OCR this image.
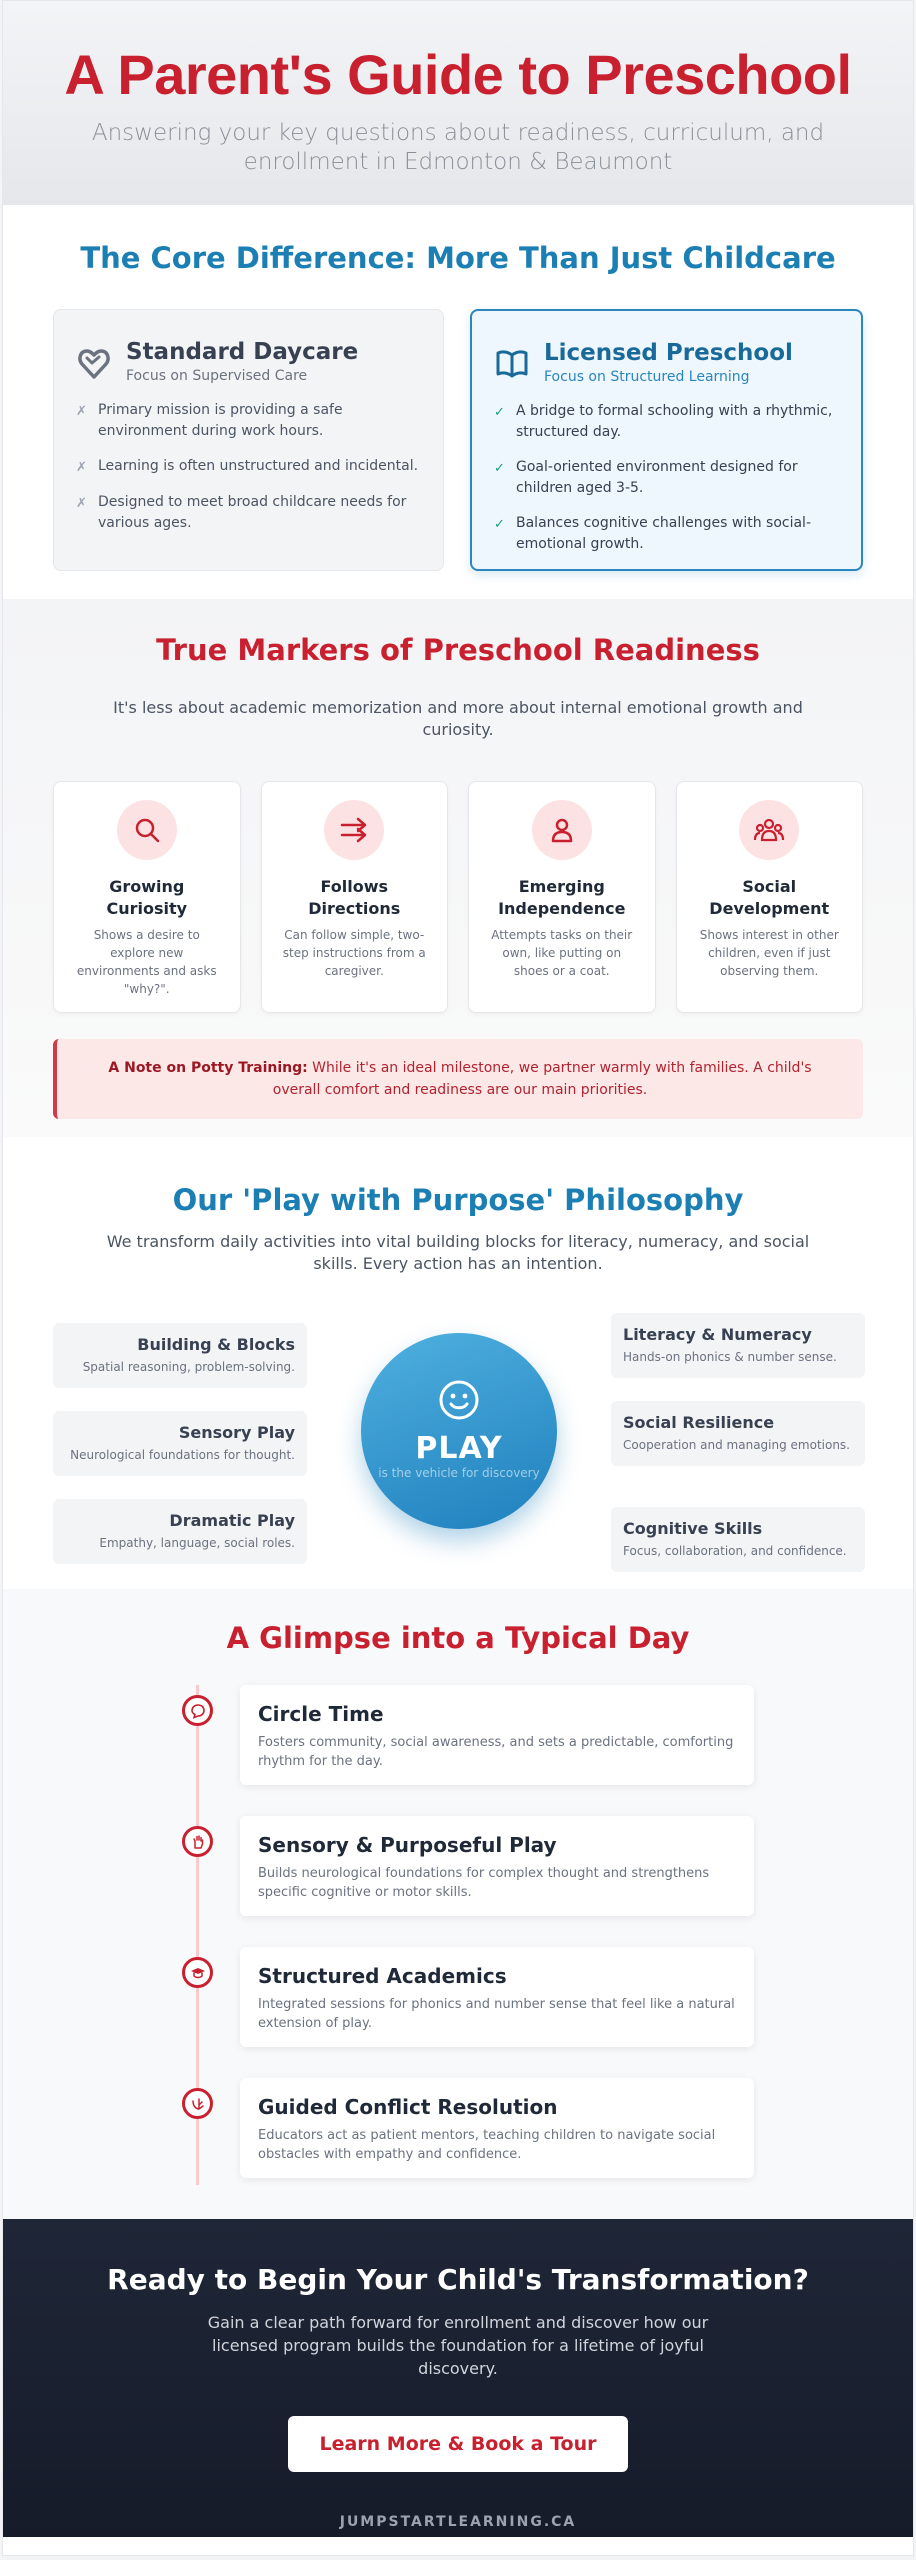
A Parent's Guide to Preschool

Answering your key questions about readiness, curriculum, and
enrollment in Edmonton & Beaumont

The Core Difference: More Than Just Childcare
Standard Daycare
Focus on Supervised Care
✗ Primary mission is providing a safe environment during work hours.
✗ Learning is often unstructured and incidental.
✗ Designed to meet broad childcare needs for various ages.
Licensed Preschool
Focus on Structured Learning
✓ A bridge to formal schooling with a rhythmic, structured day.
✓ Goal-oriented environment designed for children aged 3-5.
✓ Balances cognitive challenges with social-emotional growth.
True Markers of Preschool Readiness

It's less about academic memorization and more about internal emotional growth and curiosity.

Growing Curiosity
Shows a desire to explore new environments and asks "why?".
Follows Directions
Can follow simple, two-step instructions from a caregiver.
Emerging Independence
Attempts tasks on their own, like putting on shoes or a coat.
Social Development
Shows interest in other children, even if just observing them.
A Note on Potty Training: While it's an ideal milestone, we partner warmly with families. A child's overall comfort and readiness are our main priorities.
Our 'Play with Purpose' Philosophy

We transform daily activities into vital building blocks for literacy, numeracy, and social skills. Every action has an intention.

Building & Blocks
Spatial reasoning, problem-solving.
Sensory Play
Neurological foundations for thought.
Dramatic Play
Empathy, language, social roles.
PLAY
is the vehicle for discovery
Literacy & Numeracy
Hands-on phonics & number sense.
Social Resilience
Cooperation and managing emotions.
Cognitive Skills
Focus, collaboration, and confidence.
A Glimpse into a Typical Day
Circle Time
Fosters community, social awareness, and sets a predictable, comforting rhythm for the day.
Sensory & Purposeful Play
Builds neurological foundations for complex thought and strengthens specific cognitive or motor skills.
Structured Academics
Integrated sessions for phonics and number sense that feel like a natural extension of play.
Guided Conflict Resolution
Educators act as patient mentors, teaching children to navigate social obstacles with empathy and confidence.
Ready to Begin Your Child's Transformation?

Gain a clear path forward for enrollment and discover how our licensed program builds the foundation for a lifetime of joyful discovery.

Learn More & Book a Tour
JUMPSTARTLEARNING.CA
